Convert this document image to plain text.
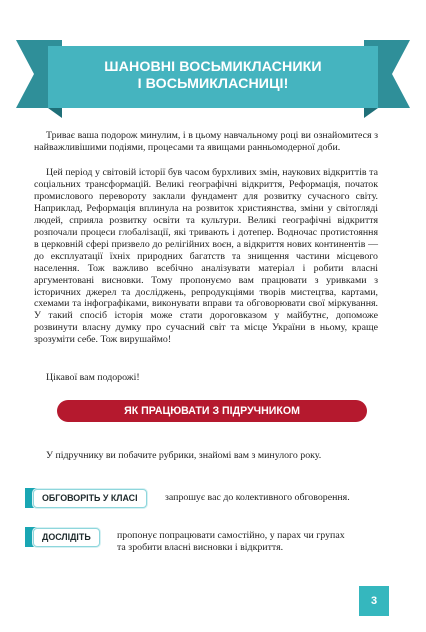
ШАНОВНІ ВОСЬМИКЛАСНИКИ
І ВОСЬМИКЛАСНИЦІ!

Триває ваша подорож минулим, і в цьому навчальному році ви ознайомитеся з найважливішими подіями, процесами та явищами ранньомодерної доби.

Цей період у світовій історії був часом бурхливих змін, наукових відкриттів та соціальних трансформацій. Великі географічні відкриття, Реформація, початок промислового перевороту заклали фундамент для розвитку сучасного світу. Наприклад, Реформація вплинула на розвиток християнства, зміни у світогляді людей, сприяла розвитку освіти та культури. Великі географічні відкриття розпочали процеси глобалізації, які тривають і дотепер. Водночас протистояння в церковній сфері призвело до релігійних воєн, а відкриття нових континентів — до експлуатації їхніх природних багатств та знищення частини місцевого населення. Тож важливо всебічно аналізувати матеріал і робити власні аргументовані висновки. Тому пропонуємо вам працювати з уривками з історичних джерел та досліджень, репродукціями творів мистецтва, картами, схемами та інфографіками, виконувати вправи та обговорювати свої міркування. У такий спосіб історія може стати дороговказом у майбутнє, допоможе розвинути власну думку про сучасний світ та місце України в ньому, краще зрозуміти себе. Тож вирушаймо!

Цікавої вам подорожі!

ЯК ПРАЦЮВАТИ З ПІДРУЧНИКОМ
У підручнику ви побачите рубрики, знайомі вам з минулого року.
ОБГОВОРІТЬ У КЛАСІ	запрошує вас до колективного обговорення.
ДОСЛІДІТЬ	пропонує попрацювати самостійно, у парах чи групах
та зробити власні висновки і відкриття.
3
